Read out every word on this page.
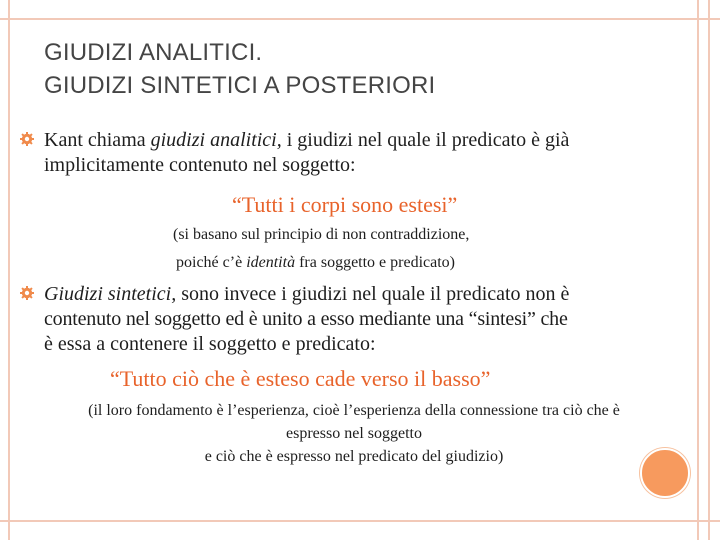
GIUDIZI ANALITICI.
GIUDIZI SINTETICI A POSTERIORI
Kant chiama giudizi analitici, i giudizi nel quale il predicato è già
implicitamente contenuto nel soggetto:
“Tutti i corpi sono estesi”
(si basano sul principio di non contraddizione,
poiché c’è identità fra soggetto e predicato)
Giudizi sintetici, sono invece i giudizi nel quale il predicato non è
contenuto nel soggetto ed è unito a esso mediante una “sintesi” che
è essa a contenere il soggetto e predicato:
“Tutto ciò che è esteso cade verso il basso”
(il loro fondamento è l’esperienza, cioè l’esperienza della connessione tra ciò che è
espresso nel soggetto
e ciò che è espresso nel predicato del giudizio)
